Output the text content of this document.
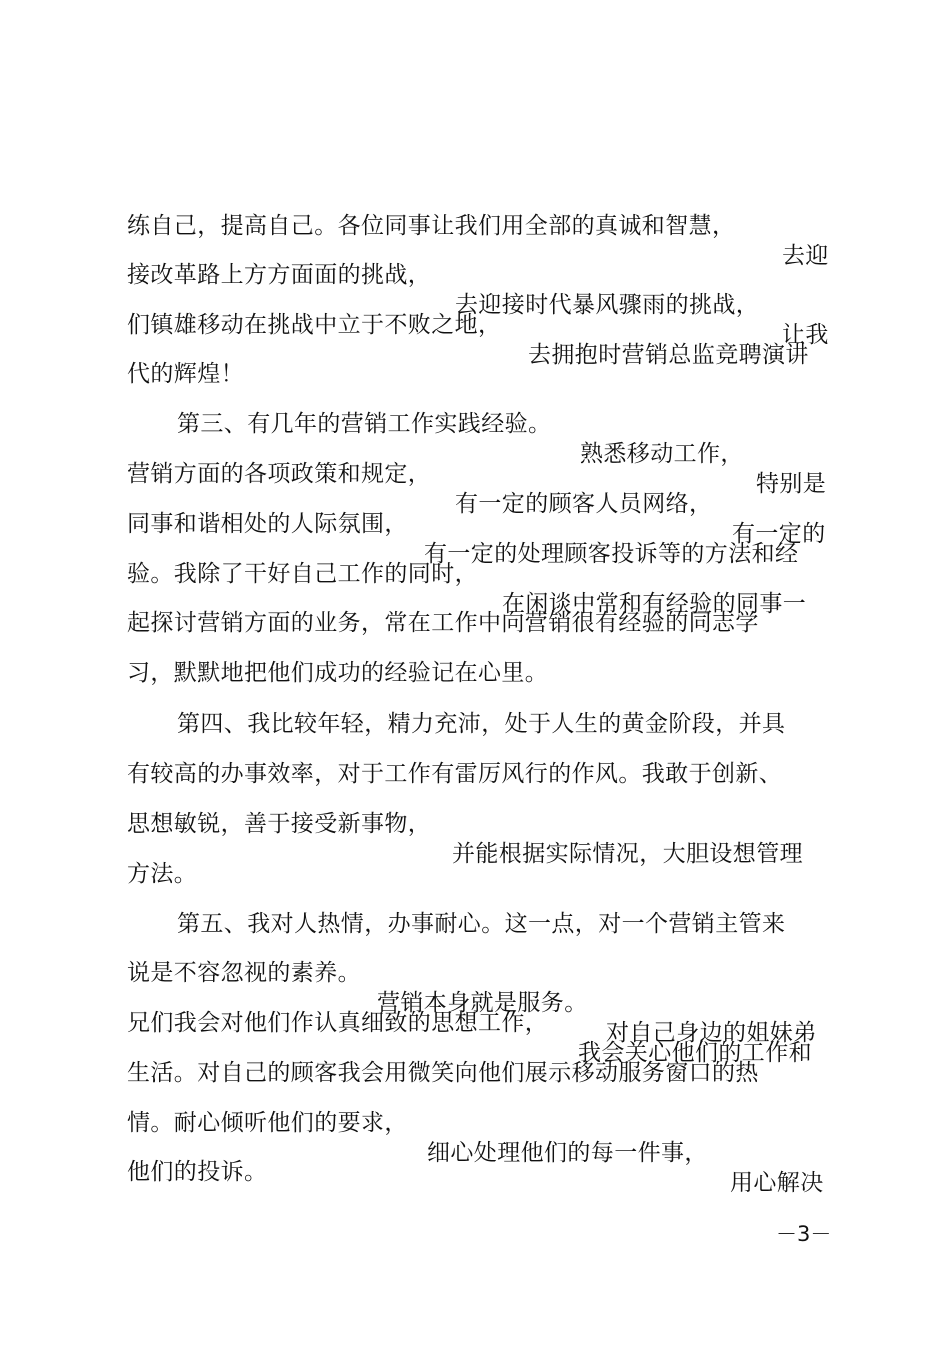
练自己，提高自己。各位同事让我们用全部的真诚和智慧，

去迎

接改革路上方方面面的挑战，

去迎接时代暴风骤雨的挑战，

让我

们镇雄移动在挑战中立于不败之地，

去拥抱时营销总监竞聘演讲

代的辉煌！

第三、有几年的营销工作实践经验。

熟悉移动工作，

特别是

营销方面的各项政策和规定，

有一定的顾客人员网络，

有一定的

同事和谐相处的人际氛围，

有一定的处理顾客投诉等的方法和经

验。我除了干好自己工作的同时，

在闲谈中常和有经验的同事一

起探讨营销方面的业务，常在工作中向营销很有经验的同志学

习，默默地把他们成功的经验记在心里。

第四、我比较年轻，精力充沛，处于人生的黄金阶段，并具

有较高的办事效率，对于工作有雷厉风行的作风。我敢于创新、

思想敏锐，善于接受新事物，

并能根据实际情况，大胆设想管理

方法。

第五、我对人热情，办事耐心。这一点，对一个营销主管来

说是不容忽视的素养。

营销本身就是服务。

对自己身边的姐妹弟

兄们我会对他们作认真细致的思想工作，

我会关心他们的工作和

生活。对自己的顾客我会用微笑向他们展示移动服务窗口的热

情。耐心倾听他们的要求，

细心处理他们的每一件事，

用心解决

他们的投诉。

－3－
